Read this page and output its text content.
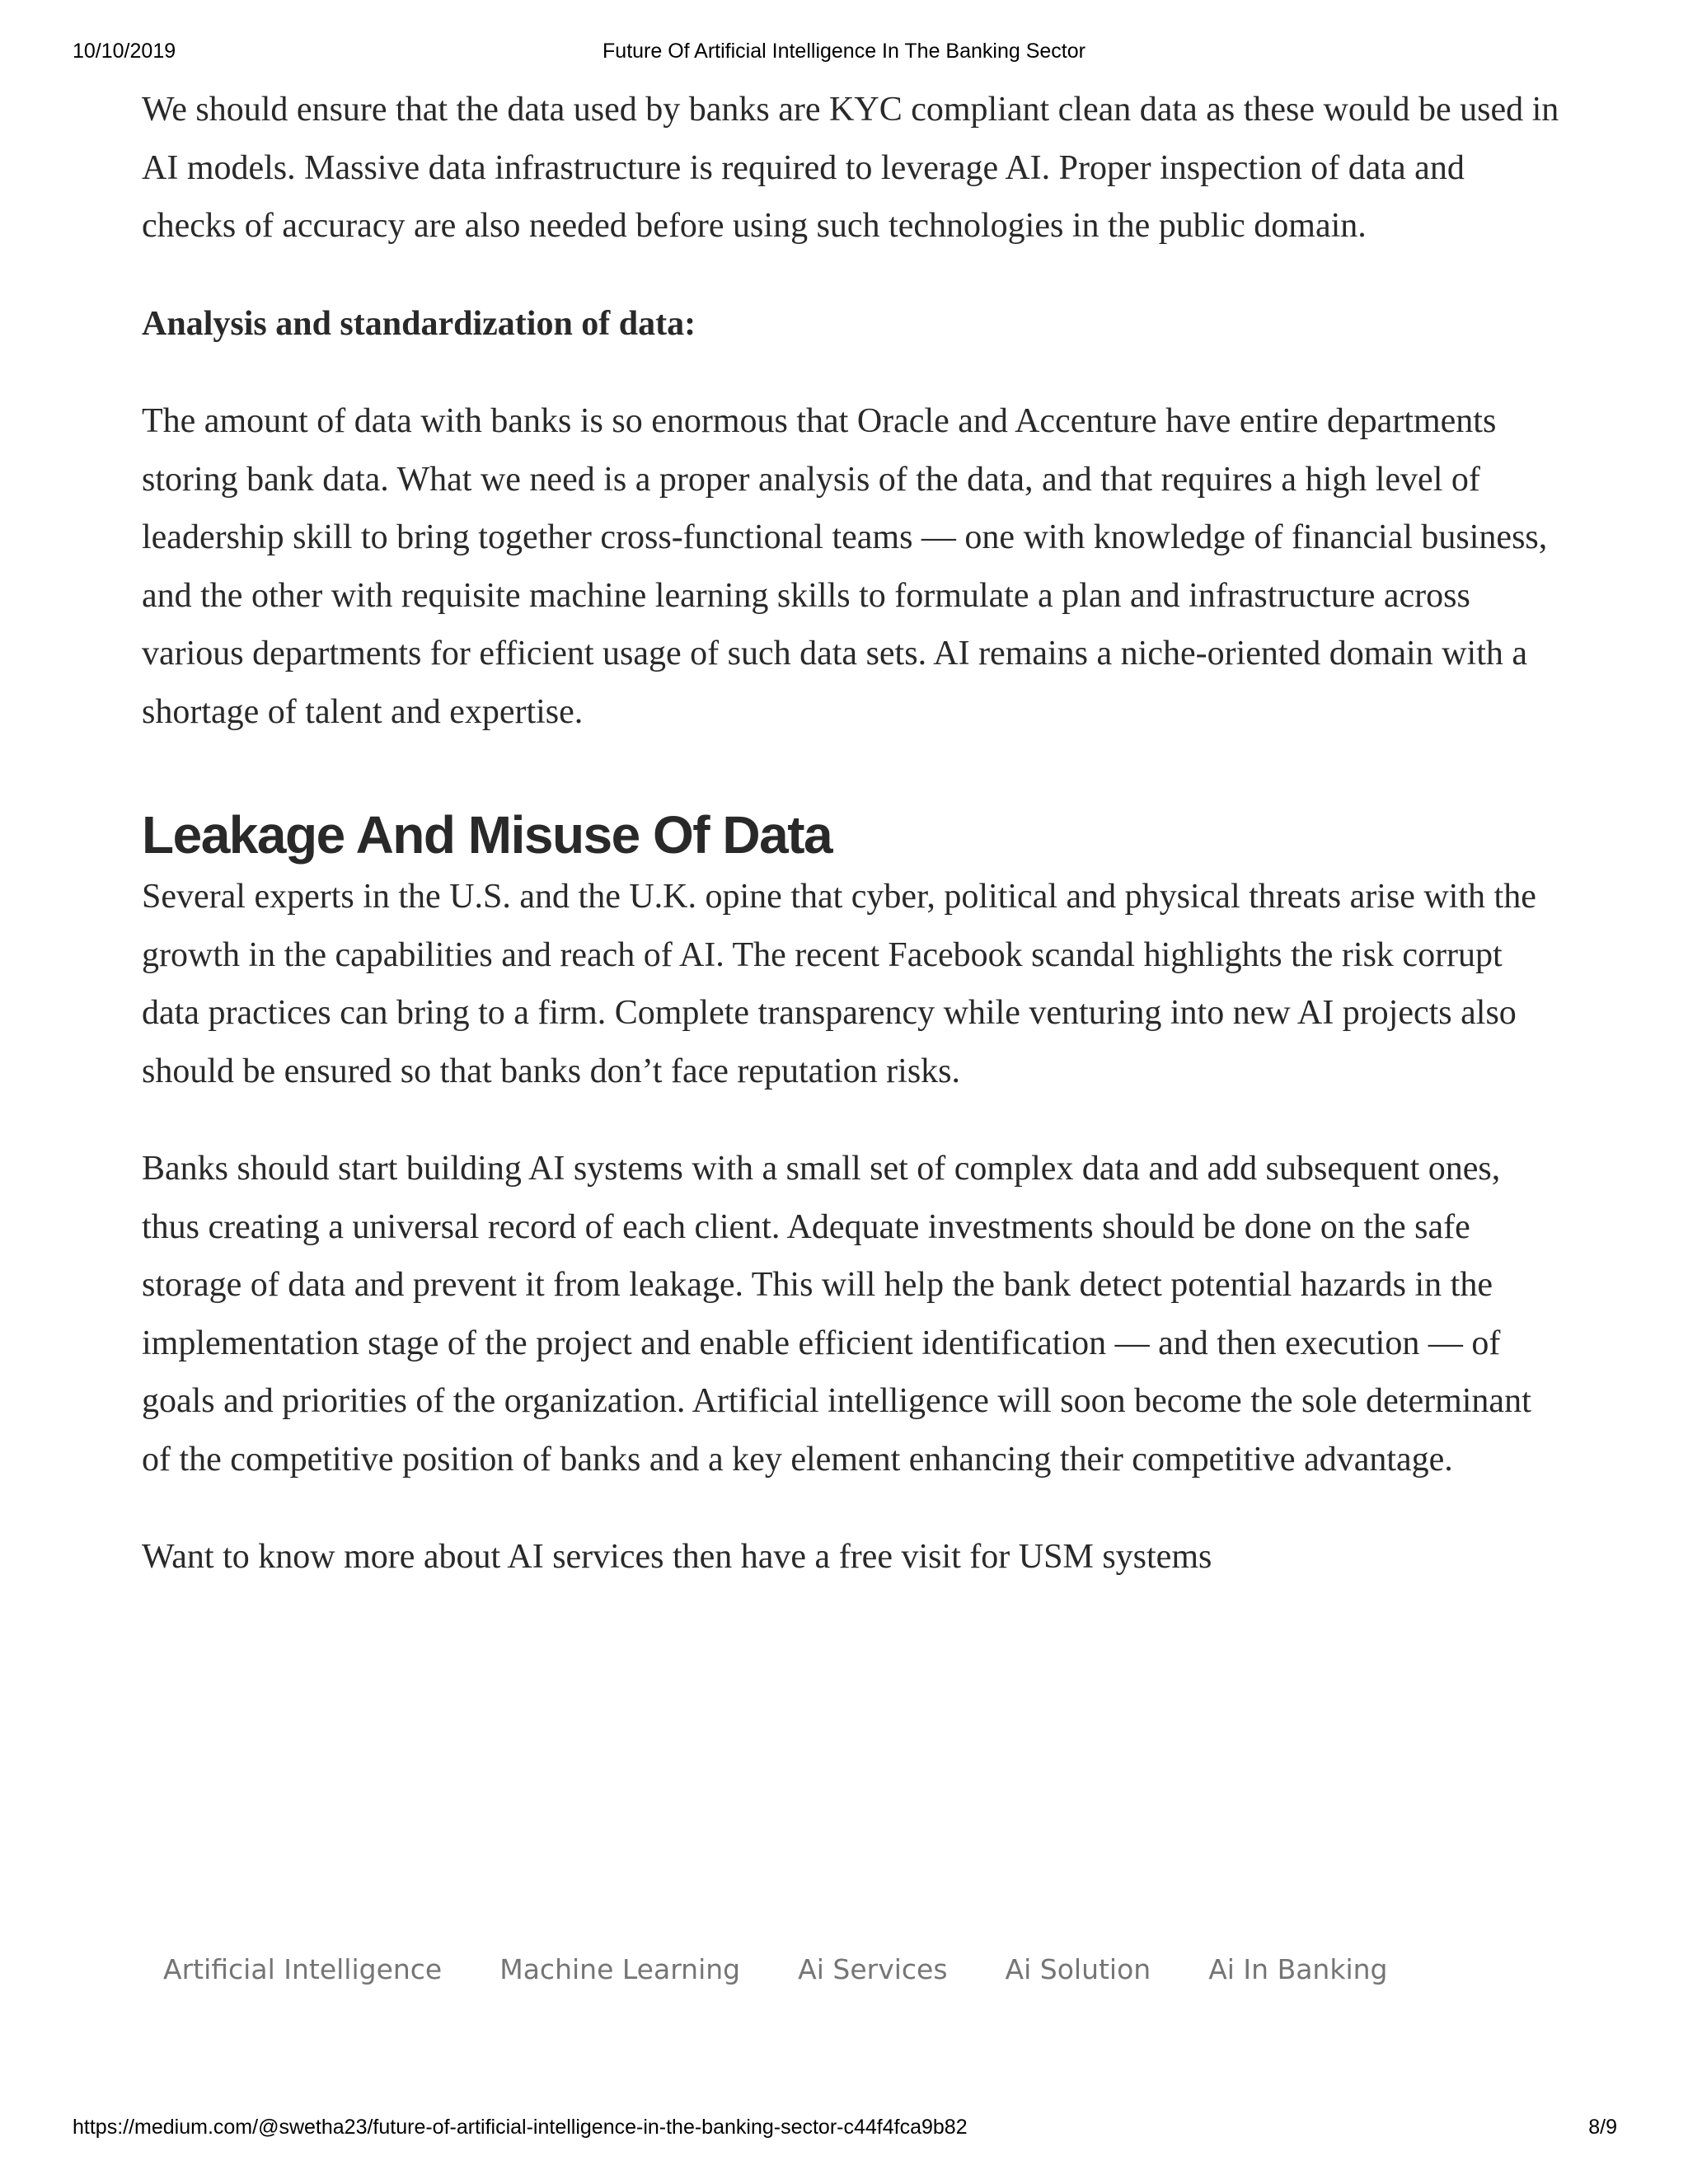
10/10/2019	Future Of Artificial Intelligence In The Banking Sector

We should ensure that the data used by banks are KYC compliant clean data as these would be used in AI models. Massive data infrastructure is required to leverage AI. Proper inspection of data and checks of accuracy are also needed before using such technologies in the public domain.

Analysis and standardization of data:

The amount of data with banks is so enormous that Oracle and Accenture have entire departments storing bank data. What we need is a proper analysis of the data, and that requires a high level of leadership skill to bring together cross-functional teams — one with knowledge of financial business, and the other with requisite machine learning skills to formulate a plan and infrastructure across various departments for efficient usage of such data sets. AI remains a niche-oriented domain with a shortage of talent and expertise.

Leakage And Misuse Of Data

Several experts in the U.S. and the U.K. opine that cyber, political and physical threats arise with the growth in the capabilities and reach of AI. The recent Facebook scandal highlights the risk corrupt data practices can bring to a firm. Complete transparency while venturing into new AI projects also should be ensured so that banks don’t face reputation risks.

Banks should start building AI systems with a small set of complex data and add subsequent ones, thus creating a universal record of each client. Adequate investments should be done on the safe storage of data and prevent it from leakage. This will help the bank detect potential hazards in the implementation stage of the project and enable efficient identification — and then execution — of goals and priorities of the organization. Artificial intelligence will soon become the sole determinant of the competitive position of banks and a key element enhancing their competitive advantage.

Want to know more about AI services then have a free visit for USM systems

Artificial Intelligence	Machine Learning	Ai Services	Ai Solution	Ai In Banking
https://medium.com/@swetha23/future-of-artificial-intelligence-in-the-banking-sector-c44f4fca9b82	8/9
